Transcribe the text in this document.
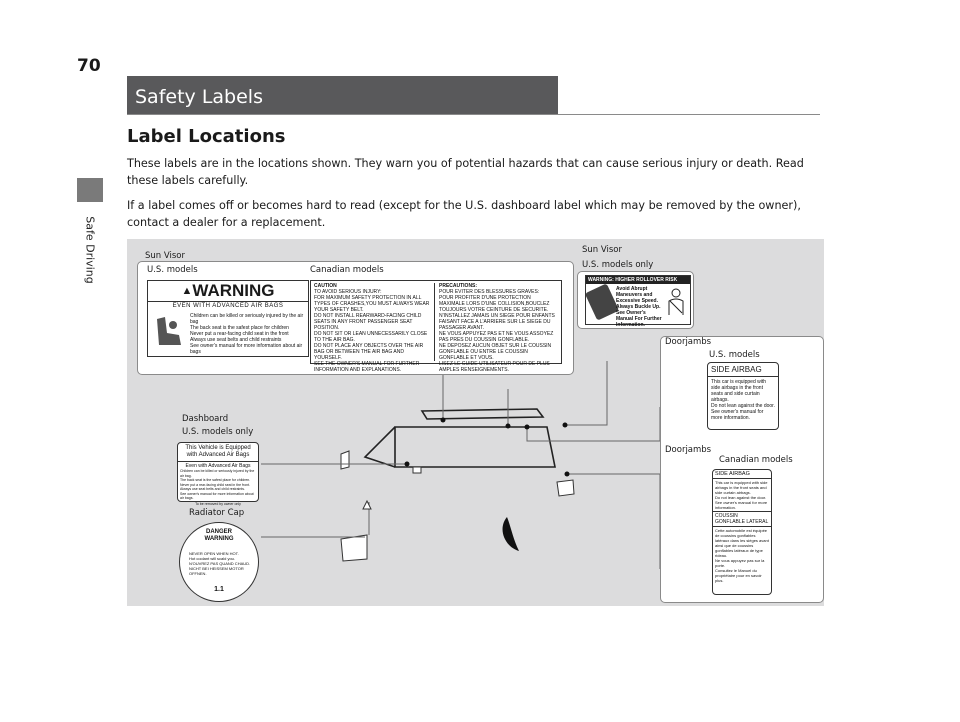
Safe Driving
70
Safety Labels
Label Locations
These labels are in the locations shown. They warn you of potential hazards that can cause serious injury or death. Read these labels carefully.
If a label comes off or becomes hard to read (except for the U.S. dashboard label which may be removed by the owner), contact a dealer for a replacement.
Sun Visor
U.S. models	Canadian models
▲WARNING
EVEN WITH ADVANCED AIR BAGS
Children can be killed or seriously injured by the air bag
The back seat is the safest place for children
Never put a rear-facing child seat in the front
Always use seat belts and child restraints
See owner's manual for more information about air bags
CAUTION
TO AVOID SERIOUS INJURY:
FOR MAXIMUM SAFETY PROTECTION IN ALL TYPES OF CRASHES,YOU MUST ALWAYS WEAR YOUR SAFETY BELT.
DO NOT INSTALL REARWARD-FACING CHILD SEATS IN ANY FRONT PASSENGER SEAT POSITION.
DO NOT SIT OR LEAN UNNECESSARILY CLOSE TO THE AIR BAG.
DO NOT PLACE ANY OBJECTS OVER THE AIR BAG OR BETWEEN THE AIR BAG AND YOURSELF.
SEE THE OWNER'S MANUAL FOR FURTHER INFORMATION AND EXPLANATIONS.
PRECAUTIONS:
POUR EVITER DES BLESSURES GRAVES:
POUR PROFITER D'UNE PROTECTION MAXIMALE LORS D'UNE COLLISION,BOUCLEZ TOUJOURS VOTRE CEINTURE DE SECURITE.
N'INSTALLEZ JAMAIS UN SIEGE POUR ENFANTS FAISANT FACE A L'ARRIERE SUR LE SIEGE DU PASSAGER AVANT.
NE VOUS APPUYEZ PAS ET NE VOUS ASSOYEZ PAS PRES DU COUSSIN GONFLABLE.
NE DEPOSEZ AUCUN OBJET SUR LE COUSSIN GONFLABLE OU ENTRE LE COUSSIN GONFLABLE ET VOUS.
LISEZ LE GUIDE UTILISATEUR POUR DE PLUS AMPLES RENSEIGNEMENTS.
Sun Visor
U.S. models only
WARNING: HIGHER ROLLOVER RISK
Avoid Abrupt Maneuvers and Excessive Speed.
Always Buckle Up.
See Owner's Manual For Further Information.
Doorjambs
U.S. models
SIDE AIRBAG
This car is equipped with side airbags in the front seats and side curtain airbags.
Do not lean against the door.
See owner's manual for more information.
Doorjambs
Canadian models
SIDE AIRBAG
This car is equipped with side airbags in the front seats and side curtain airbags.
Do not lean against the door.
See owner's manual for more information.
COUSSIN GONFLABLE LATERAL
Cette automobile est équipée de coussins gonflables latéraux dans les sièges avant ainsi que de coussins gonflables latéraux de type rideau.
Ne vous appuyez pas sur la porte.
Consultez le Manuel du propriétaire pour en savoir plus.
Dashboard
U.S. models only
This Vehicle is Equipped with Advanced Air Bags
Even with Advanced Air Bags
Children can be killed or seriously injured by the air bag.
The back seat is the safest place for children.
Never put a rear-facing child seat in the front.
Always use seat belts and child restraints.
See owner's manual for more information about air bags.
To be removed by owner only
Radiator Cap
DANGER
WARNING
NEVER OPEN WHEN HOT.
Hot coolant will scald you.
N'OUVREZ PAS QUAND CHAUD.
NICHT BEI HEISSEM MOTOR OFFNEN.
1.1
